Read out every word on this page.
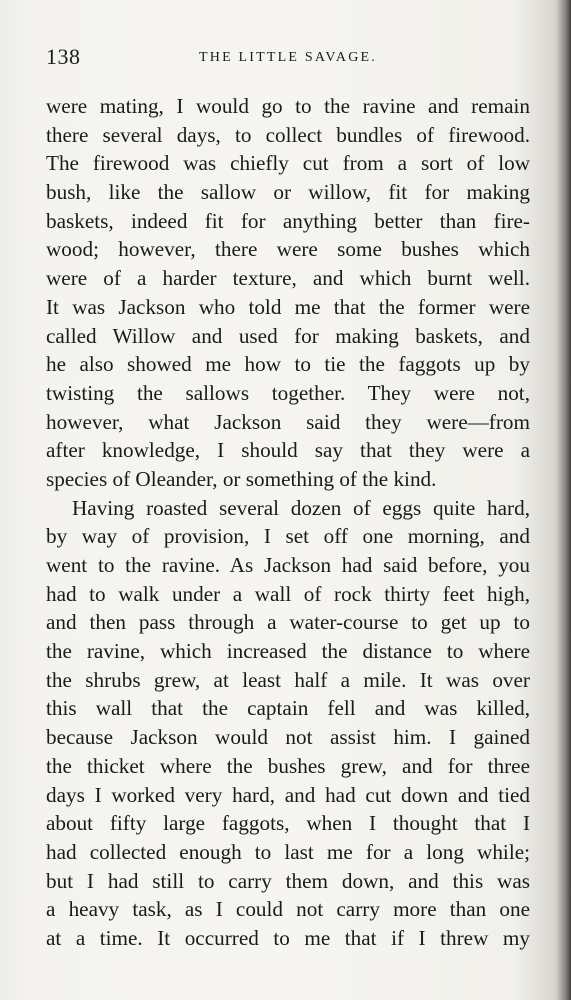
138	THE LITTLE SAVAGE.
were mating, I would go to the ravine and remain
there several days, to collect bundles of firewood.
The firewood was chiefly cut from a sort of low
bush, like the sallow or willow, fit for making
baskets, indeed fit for anything better than fire-
wood; however, there were some bushes which
were of a harder texture, and which burnt well.
It was Jackson who told me that the former were
called Willow and used for making baskets, and
he also showed me how to tie the faggots up by
twisting the sallows together. They were not,
however, what Jackson said they were—from
after knowledge, I should say that they were a
species of Oleander, or something of the kind.
Having roasted several dozen of eggs quite hard,
by way of provision, I set off one morning, and
went to the ravine. As Jackson had said before, you
had to walk under a wall of rock thirty feet high,
and then pass through a water-course to get up to
the ravine, which increased the distance to where
the shrubs grew, at least half a mile. It was over
this wall that the captain fell and was killed,
because Jackson would not assist him. I gained
the thicket where the bushes grew, and for three
days I worked very hard, and had cut down and tied
about fifty large faggots, when I thought that I
had collected enough to last me for a long while;
but I had still to carry them down, and this was
a heavy task, as I could not carry more than one
at a time. It occurred to me that if I threw my
